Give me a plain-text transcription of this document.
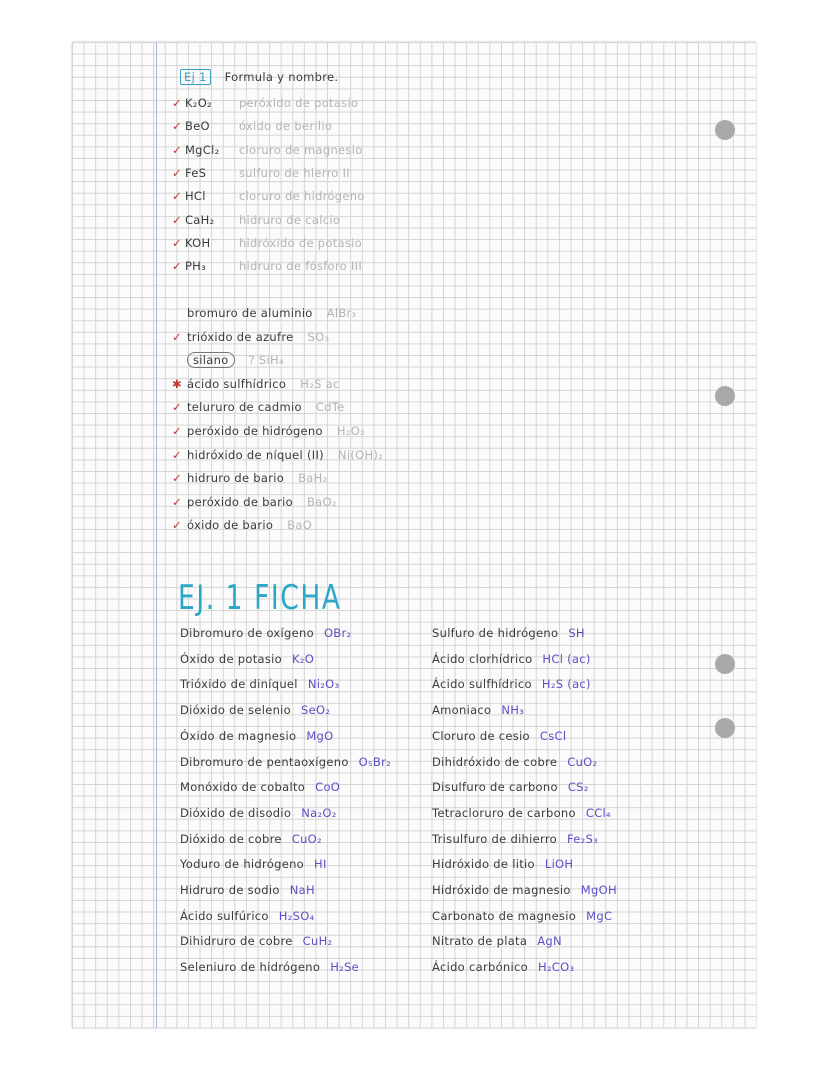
Ej 1 Formula y nombre.
✓ K₂O₂ peróxido de potasio
✓ BeO	óxido de berilio
✓ MgCl₂ cloruro de magnesio
✓ FeS	sulfuro de hierro II
✓ HCl	cloruro de hidrógeno
✓ CaH₂ hidruro de calcio
✓ KOH hidróxido de potasio
✓ PH₃	hidruro de fósforo III
bromuro de aluminio AlBr₃
✓ trióxido de azufre SO₃
silano ? SiH₄
✱ ácido sulfhídrico H₂S ac
✓ telururo de cadmio CdTe
✓ peróxido de hidrógeno H₂O₂
✓ hidróxido de níquel (II) Ni(OH)₂
✓ hidruro de bario BaH₂
✓ peróxido de bario BaO₂
✓ óxido de bario BaO
EJ. 1 FICHA
Dibromuro de oxígeno OBr₂
Óxido de potasio K₂O
Trióxido de diníquel Ni₂O₃
Dióxido de selenio SeO₂
Óxido de magnesio MgO
Dibromuro de pentaoxígeno O₅Br₂
Monóxido de cobalto CoO
Dióxido de disodio Na₂O₂
Dióxido de cobre CuO₂
Yoduro de hidrógeno HI
Hidruro de sodio NaH
Ácido sulfúrico H₂SO₄
Dihidruro de cobre CuH₂
Seleniuro de hidrógeno H₂Se
Sulfuro de hidrógeno SH
Ácido clorhídrico HCl (ac)
Ácido sulfhídrico H₂S (ac)
Amoniaco NH₃
Cloruro de cesio CsCl
Dihidróxido de cobre CuO₂
Disulfuro de carbono CS₂
Tetracloruro de carbono CCl₄
Trisulfuro de dihierro Fe₂S₃
Hidróxido de litio LiOH
Hidróxido de magnesio MgOH
Carbonato de magnesio MgC
Nitrato de plata AgN
Ácido carbónico H₂CO₃
